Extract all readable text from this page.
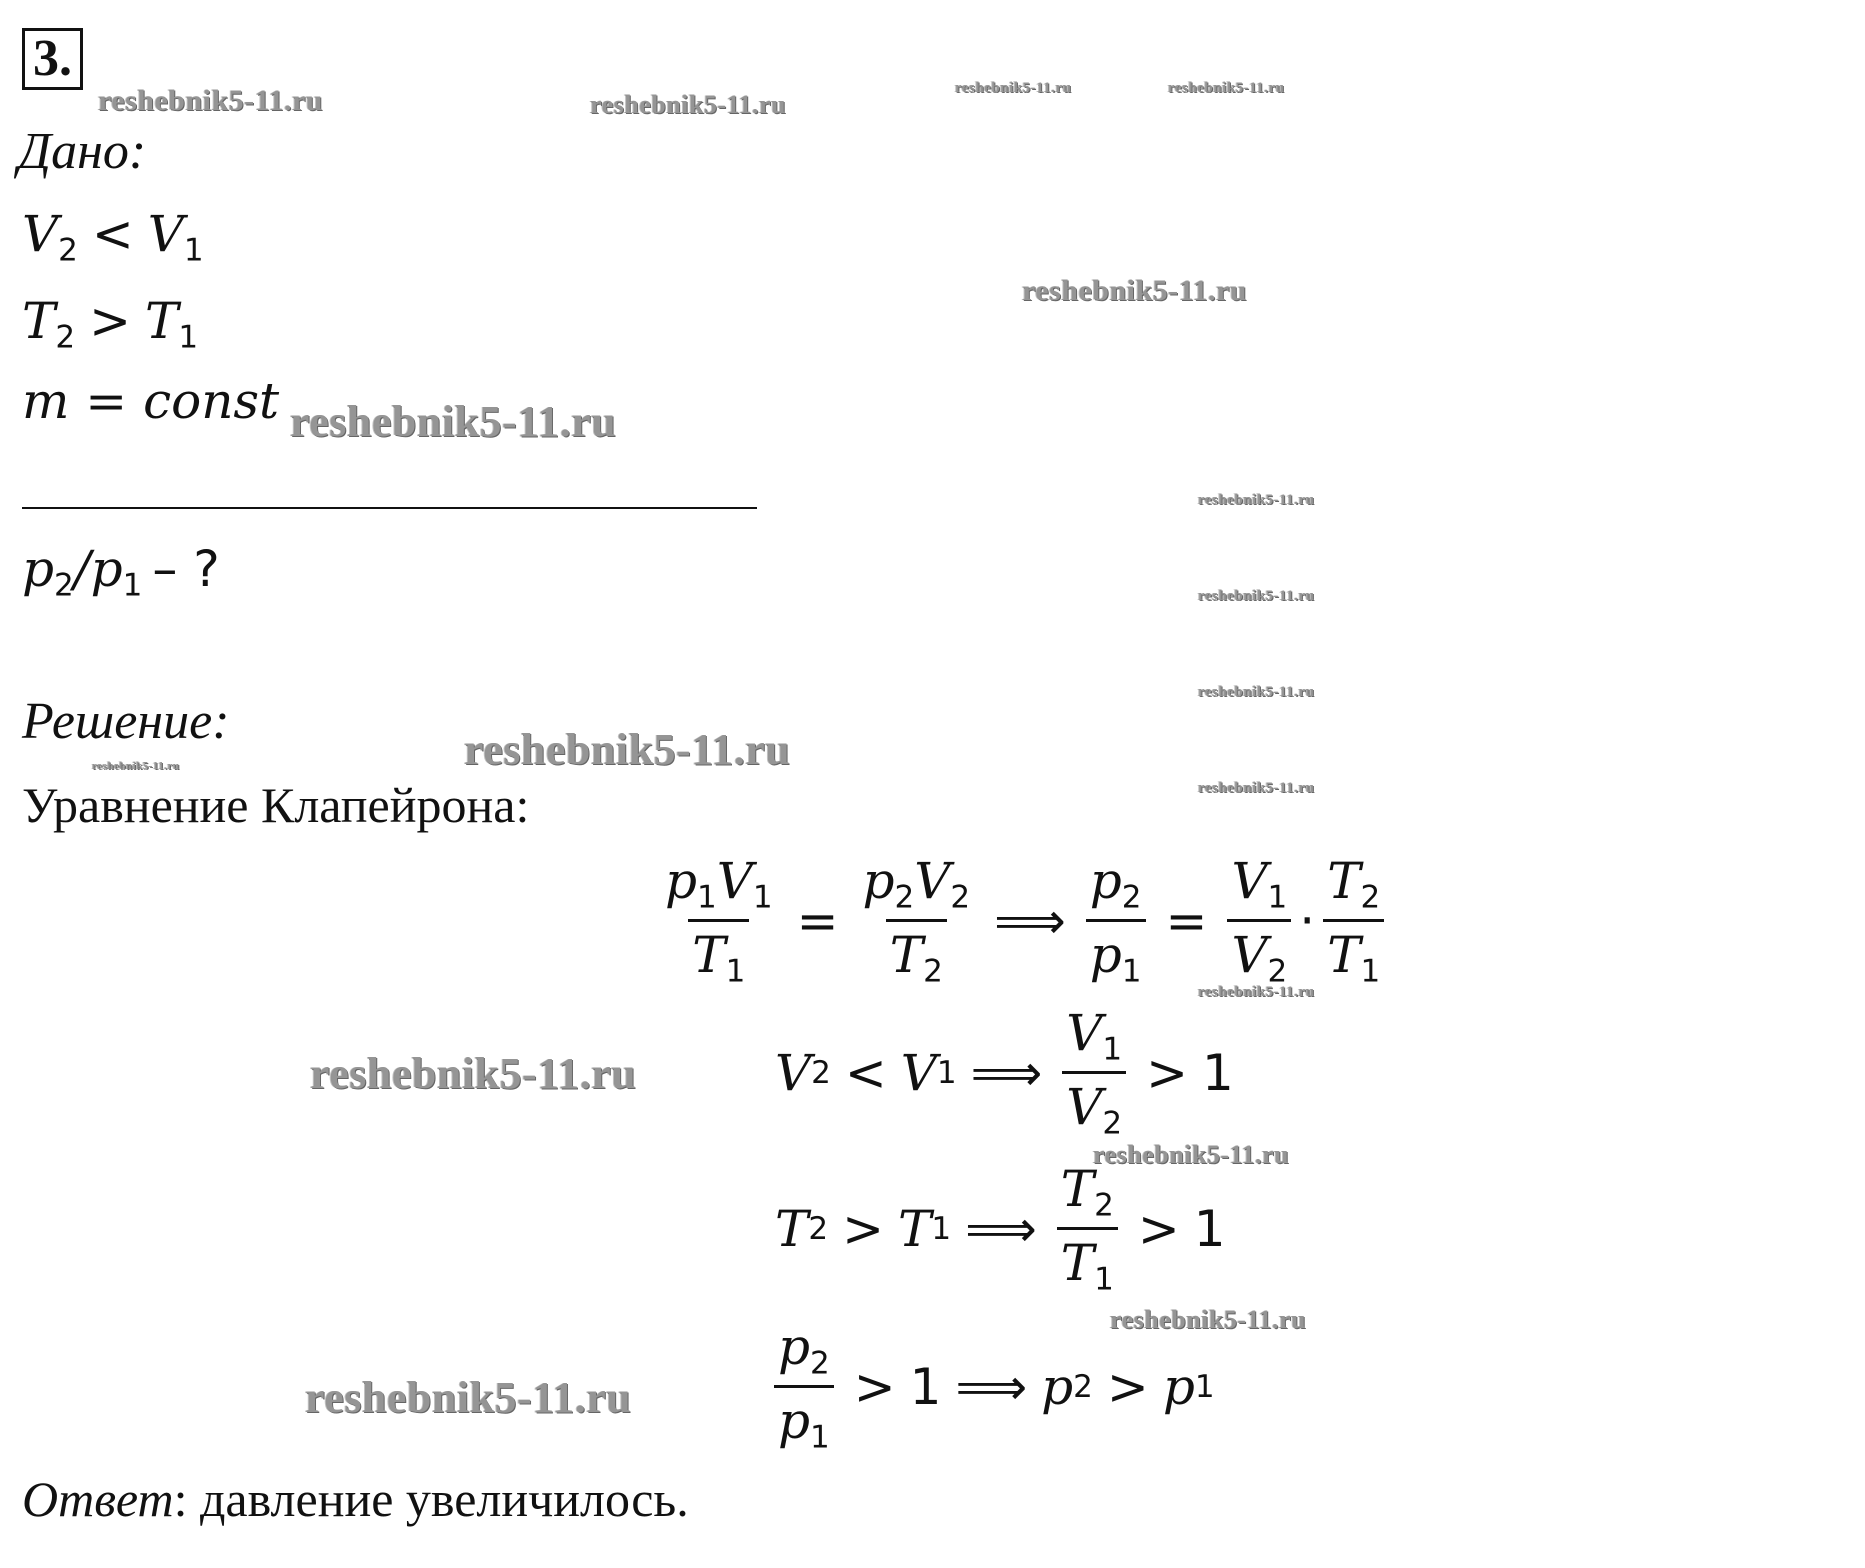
3.
Дано:
$V_2 < V_1$
$T_2 > T_1$
m = const
$p_2/p_1$ – ?
Решение:
Уравнение Клапейрона:
$\frac{p_1V_1}{T_1} = \frac{p_2V_2}{T_2}$ ⟹ $\frac{p_2}{p_1} = \frac{V_1}{V_2} \cdot \frac{T_2}{T_1}$
V 2 < V 1 ⟹ $\frac{V_1}{V_2} > 1$
T 2 > T 1 ⟹ $\frac{T_2}{T_1} > 1$
$\frac{p_2}{p_1} > 1$ ⟹ p 2 > p 1
Ответ: давление увеличилось.
reshebnik5-11.ru	reshebnik5-11.ru
reshebnik5-11.ru	reshebnik5-11.ru
reshebnik5-11.ru
reshebnik5-11.ru
reshebnik5-11.ru
reshebnik5-11.ru
reshebnik5-11.ru
reshebnik5-11.ru	reshebnik5-11.ru
reshebnik5-11.ru
reshebnik5-11.ru
reshebnik5-11.ru
reshebnik5-11.ru
reshebnik5-11.ru
reshebnik5-11.ru
